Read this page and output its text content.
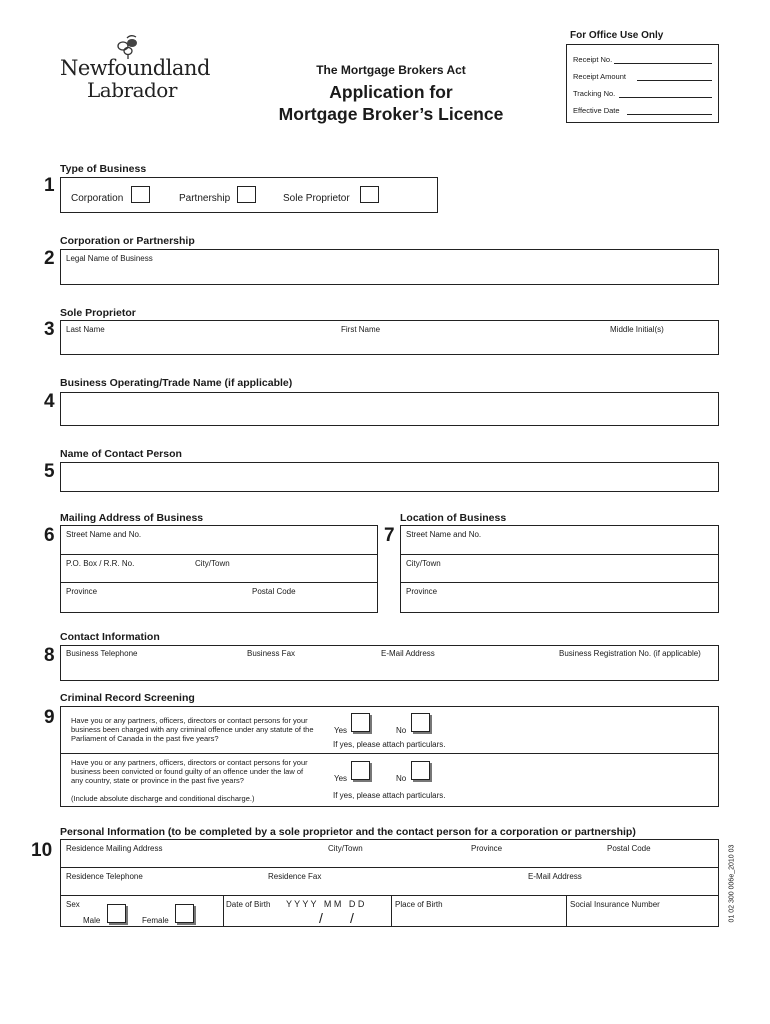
Newfoundland
Labrador
The Mortgage Brokers Act
Application for
Mortgage Broker’s Licence
For Office Use Only
Receipt No.
Receipt Amount
Tracking No.
Effective Date
Type of Business
1
Corporation	Partnership	Sole Proprietor
Corporation or Partnership
2 Legal Name of Business
Sole Proprietor
3 Last Name	First Name	Middle Initial(s)
Business Operating/Trade Name (if applicable)
4
Name of Contact Person
5
Mailing Address of Business
6 Street Name and No.
P.O. Box / R.R. No.	City/Town
Province	Postal Code
Location of Business
7 Street Name and No.
City/Town
Province
Contact Information
8 Business Telephone	Business Fax	E-Mail Address	Business Registration No. (if applicable)
Criminal Record Screening
9 Have you or any partners, officers, directors or contact persons for your business been charged with any criminal offence under any statute of the Parliament of Canada in the past five years?
Yes	No
If yes, please attach particulars.
Have you or any partners, officers, directors or contact persons for your business been convicted or found guilty of an offence under the law of any country, state or province in the past five years?
(Include absolute discharge and conditional discharge.)
Yes	No
If yes, please attach particulars.
Personal Information (to be completed by a sole proprietor and the contact person for a corporation or partnership)
10 Residence Mailing Address	City/Town	Province	Postal Code
Residence Telephone	Residence Fax	E-Mail Address
Sex
Male	Female
Date of Birth Y Y Y Y   M M   D D
/ /
Place of Birth	Social Insurance Number	01 02 300 006e_2010 03
